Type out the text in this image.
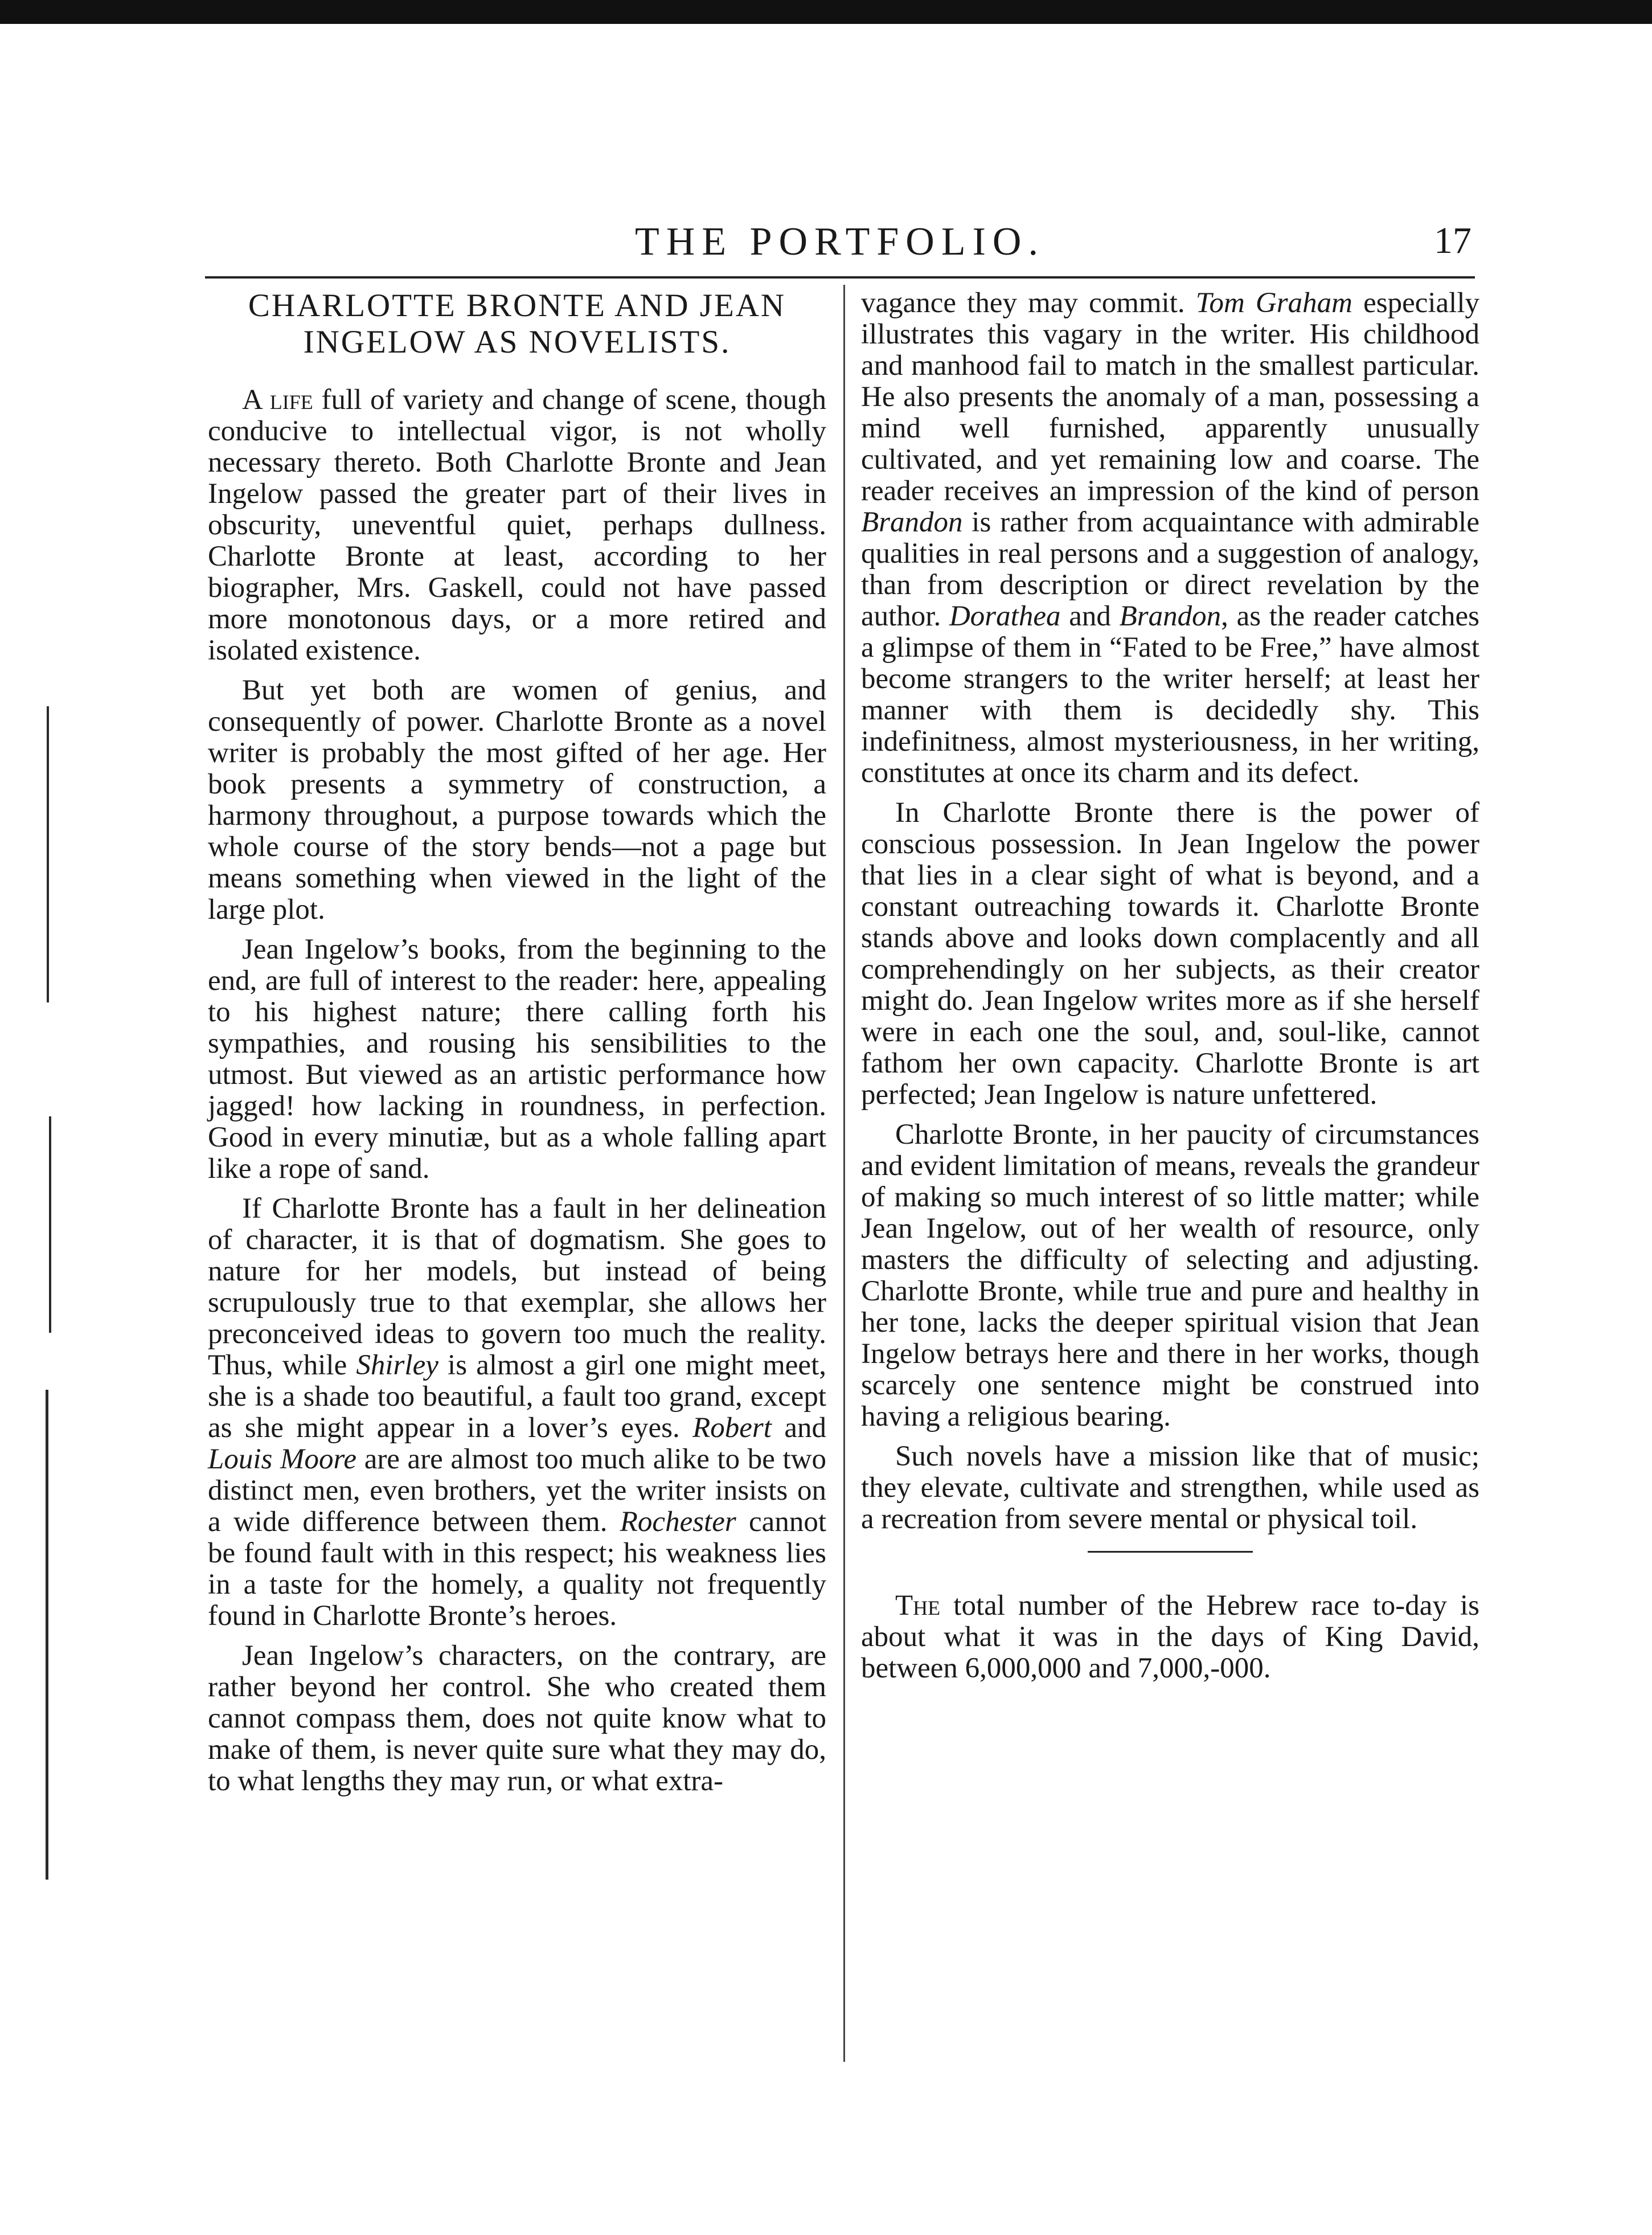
THE PORTFOLIO.	17
CHARLOTTE BRONTE AND JEAN INGELOW AS NOVELISTS.

A life full of variety and change of scene, though conducive to intellectual vigor, is not wholly necessary thereto. Both Charlotte Bronte and Jean Ingelow passed the greater part of their lives in obscurity, uneventful quiet, perhaps dullness. Charlotte Bronte at least, according to her biographer, Mrs. Gaskell, could not have passed more monotonous days, or a more retired and isolated existence.

But yet both are women of genius, and consequently of power. Charlotte Bronte as a novel writer is probably the most gifted of her age. Her book presents a symmetry of construction, a harmony throughout, a purpose towards which the whole course of the story bends—not a page but means something when viewed in the light of the large plot.

Jean Ingelow’s books, from the beginning to the end, are full of interest to the reader: here, appealing to his highest nature; there calling forth his sympathies, and rousing his sensibilities to the utmost. But viewed as an artistic performance how jagged! how lacking in roundness, in perfection. Good in every minutiæ, but as a whole falling apart like a rope of sand.

If Charlotte Bronte has a fault in her delineation of character, it is that of dogmatism. She goes to nature for her models, but instead of being scrupulously true to that exemplar, she allows her preconceived ideas to govern too much the reality. Thus, while Shirley is almost a girl one might meet, she is a shade too beautiful, a fault too grand, except as she might appear in a lover’s eyes. Robert and Louis Moore are are almost too much alike to be two distinct men, even brothers, yet the writer insists on a wide difference between them. Rochester cannot be found fault with in this respect; his weakness lies in a taste for the homely, a quality not frequently found in Charlotte Bronte’s heroes.

Jean Ingelow’s characters, on the contrary, are rather beyond her control. She who created them cannot compass them, does not quite know what to make of them, is never quite sure what they may do, to what lengths they may run, or what extra-

vagance they may commit. Tom Graham especially illustrates this vagary in the writer. His childhood and manhood fail to match in the smallest particular. He also presents the anomaly of a man, possessing a mind well furnished, apparently unusually cultivated, and yet remaining low and coarse. The reader receives an impression of the kind of person Brandon is rather from acquaintance with admirable qualities in real persons and a suggestion of analogy, than from description or direct revelation by the author. Dorathea and Brandon, as the reader catches a glimpse of them in “Fated to be Free,” have almost become strangers to the writer herself; at least her manner with them is decidedly shy. This indefinitness, almost mysteriousness, in her writing, constitutes at once its charm and its defect.

In Charlotte Bronte there is the power of conscious possession. In Jean Ingelow the power that lies in a clear sight of what is beyond, and a constant outreaching towards it. Charlotte Bronte stands above and looks down complacently and all comprehendingly on her subjects, as their creator might do. Jean Ingelow writes more as if she herself were in each one the soul, and, soul-like, cannot fathom her own capacity. Charlotte Bronte is art perfected; Jean Ingelow is nature unfettered.

Charlotte Bronte, in her paucity of circumstances and evident limitation of means, reveals the grandeur of making so much interest of so little matter; while Jean Ingelow, out of her wealth of resource, only masters the difficulty of selecting and adjusting. Charlotte Bronte, while true and pure and healthy in her tone, lacks the deeper spiritual vision that Jean Ingelow betrays here and there in her works, though scarcely one sentence might be construed into having a religious bearing.

Such novels have a mission like that of music; they elevate, cultivate and strengthen, while used as a recreation from severe mental or physical toil.

The total number of the Hebrew race to-day is about what it was in the days of King David, between 6,000,000 and 7,000,-000.
